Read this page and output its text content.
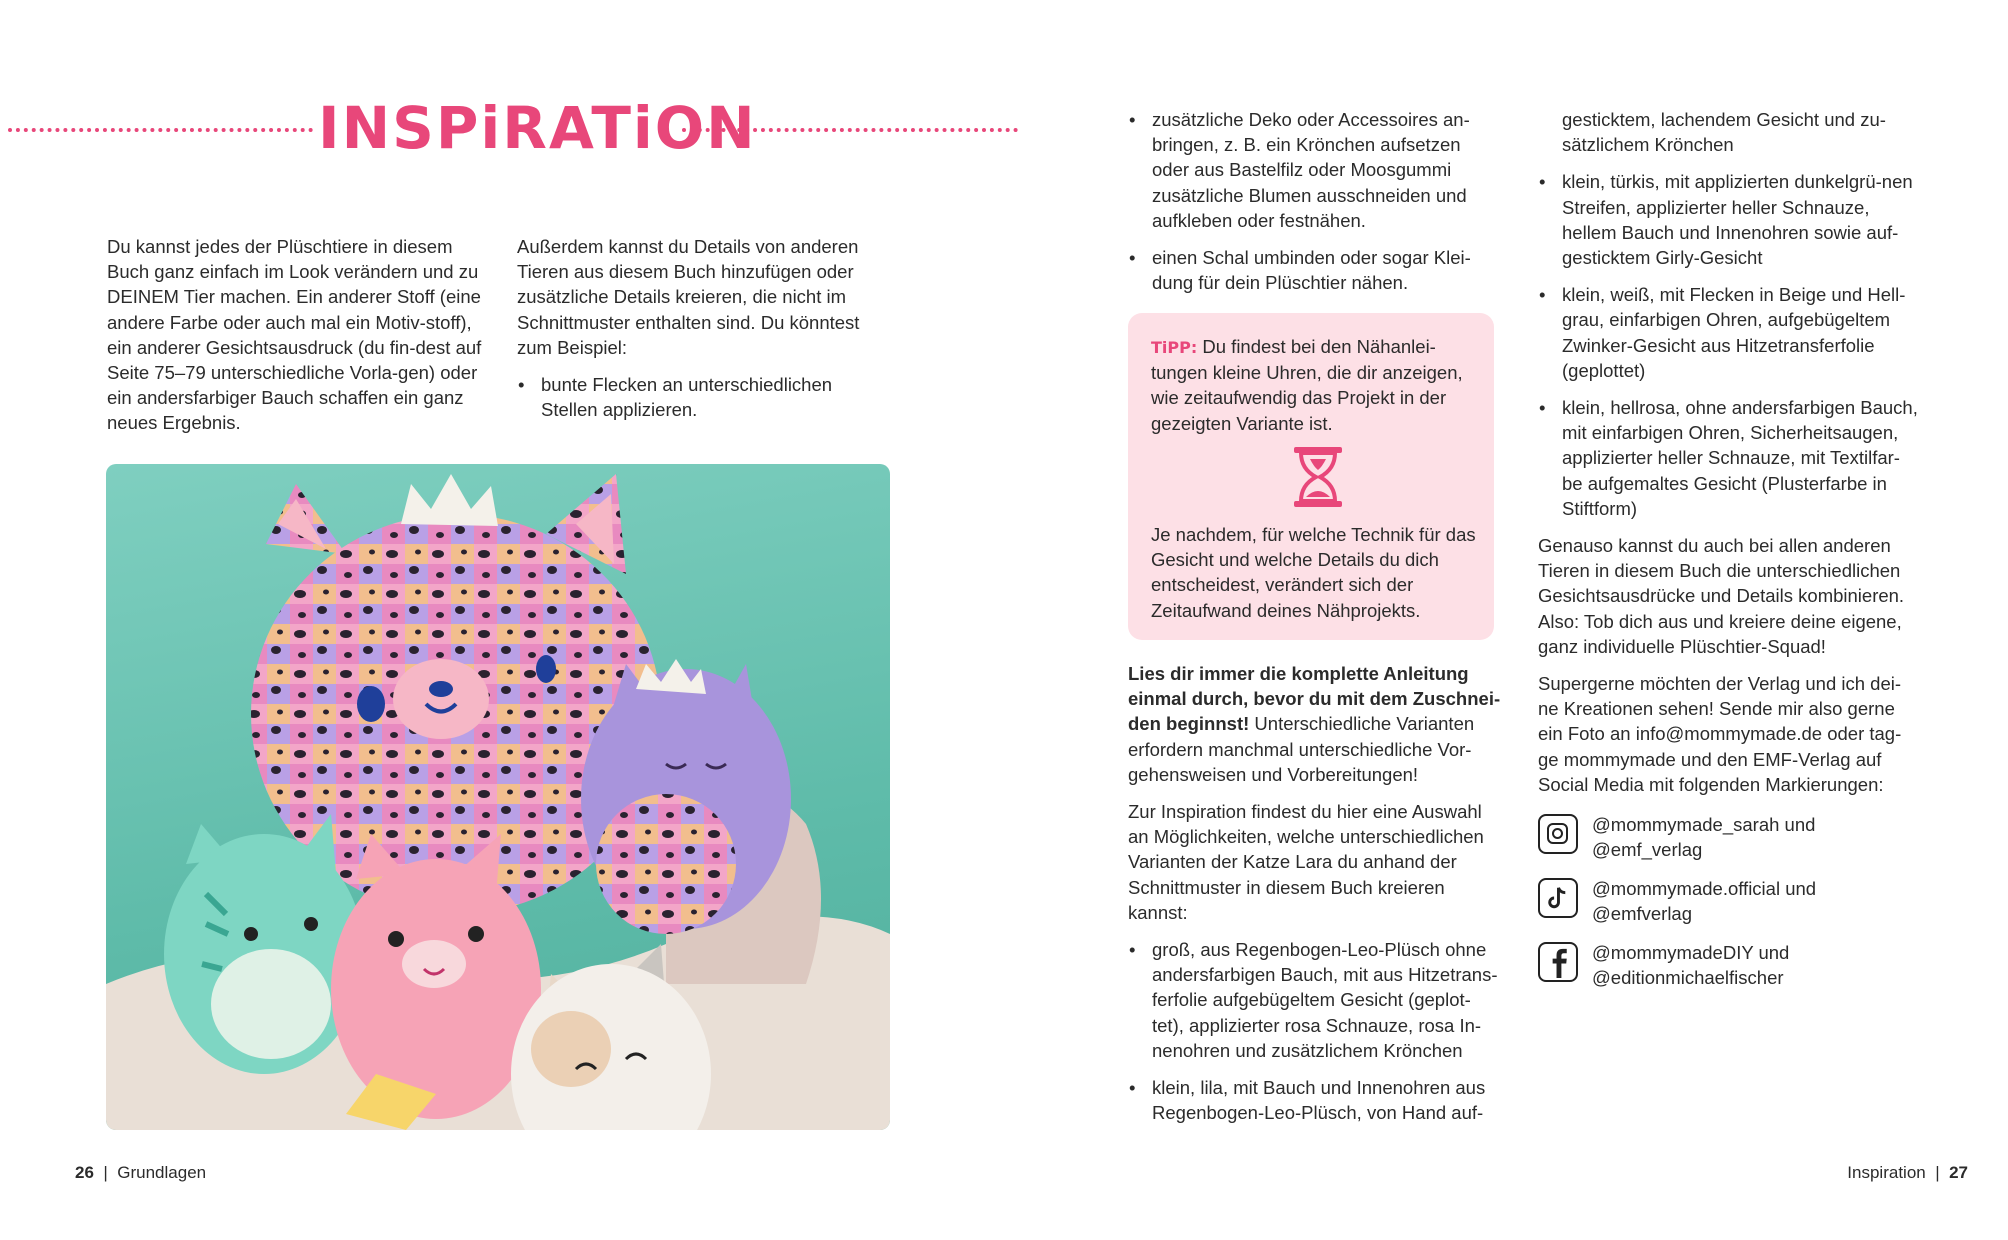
INSPiRATiON

Du kannst jedes der Plüschtiere in diesem Buch ganz einfach im Look verändern und zu DEINEM Tier machen. Ein anderer Stoff (eine andere Farbe oder auch mal ein Motiv-stoff), ein anderer Gesichtsausdruck (du fin-dest auf Seite 75–79 unterschiedliche Vorla-gen) oder ein andersfarbiger Bauch schaffen ein ganz neues Ergebnis.

Außerdem kannst du Details von anderen Tieren aus diesem Buch hinzufügen oder zusätzliche Details kreieren, die nicht im Schnittmuster enthalten sind. Du könntest zum Beispiel:

• bunte Flecken an unterschiedlichen Stellen applizieren.
• zusätzliche Deko oder Accessoires an-bringen, z. B. ein Krönchen aufsetzen oder aus Bastelfilz oder Moosgummi zusätzliche Blumen ausschneiden und aufkleben oder festnähen.
• einen Schal umbinden oder sogar Klei-dung für dein Plüschtier nähen.

TiPP: Du findest bei den Nähanlei-tungen kleine Uhren, die dir anzeigen, wie zeitaufwendig das Projekt in der gezeigten Variante ist.

Je nachdem, für welche Technik für das Gesicht und welche Details du dich entscheidest, verändert sich der Zeitaufwand deines Nähprojekts.

Lies dir immer die komplette Anleitung einmal durch, bevor du mit dem Zuschnei-den beginnst! Unterschiedliche Varianten erfordern manchmal unterschiedliche Vor-gehensweisen und Vorbereitungen!

Zur Inspiration findest du hier eine Auswahl an Möglichkeiten, welche unterschiedlichen Varianten der Katze Lara du anhand der Schnittmuster in diesem Buch kreieren kannst:

• groß, aus Regenbogen-Leo-Plüsch ohne andersfarbigen Bauch, mit aus Hitzetrans-ferfolie aufgebügeltem Gesicht (geplot-tet), applizierter rosa Schnauze, rosa In-nenohren und zusätzlichem Krönchen
• klein, lila, mit Bauch und Innenohren aus Regenbogen-Leo-Plüsch, von Hand auf-

gesticktem, lachendem Gesicht und zu-sätzlichem Krönchen

• klein, türkis, mit applizierten dunkelgrü-nen Streifen, applizierter heller Schnauze, hellem Bauch und Innenohren sowie auf-gesticktem Girly-Gesicht
• klein, weiß, mit Flecken in Beige und Hell-grau, einfarbigen Ohren, aufgebügeltem Zwinker-Gesicht aus Hitzetransferfolie (geplottet)
• klein, hellrosa, ohne andersfarbigen Bauch, mit einfarbigen Ohren, Sicherheitsaugen, applizierter heller Schnauze, mit Textilfar-be aufgemaltes Gesicht (Plusterfarbe in Stiftform)

Genauso kannst du auch bei allen anderen Tieren in diesem Buch die unterschiedlichen Gesichtsausdrücke und Details kombinieren. Also: Tob dich aus und kreiere deine eigene, ganz individuelle Plüschtier-Squad!

Supergerne möchten der Verlag und ich dei-ne Kreationen sehen! Sende mir also gerne ein Foto an info@mommymade.de oder tag-ge mommymade und den EMF-Verlag auf Social Media mit folgenden Markierungen:

@mommymade_sarah und
@emf_verlag
@mommymade.official und
@emfverlag
@mommymadeDIY und
@editionmichaelfischer
26  |  Grundlagen	Inspiration  |  27
